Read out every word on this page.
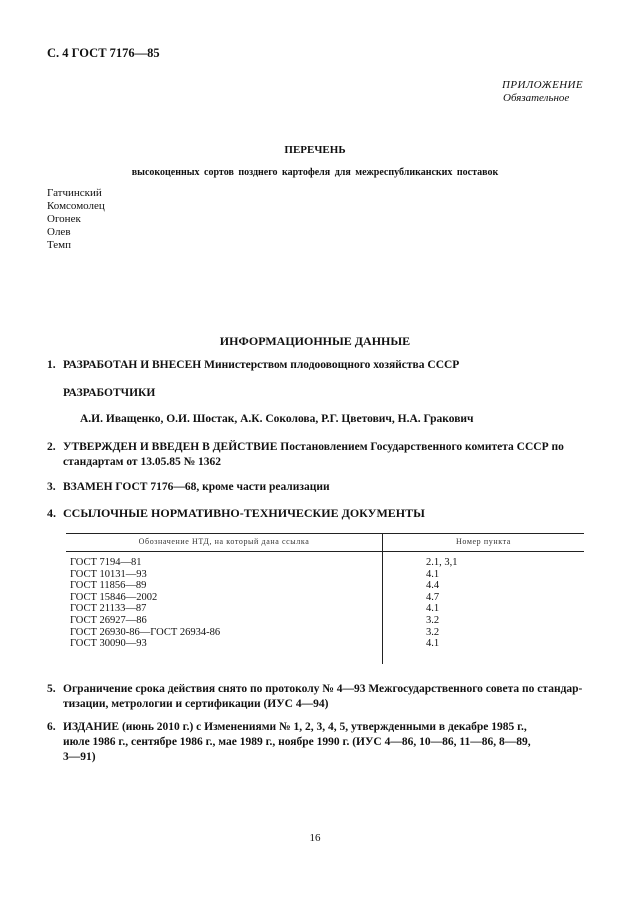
С. 4 ГОСТ 7176—85
ПРИЛОЖЕНИЕ
Обязательное
ПЕРЕЧЕНЬ
высокоценных сортов позднего картофеля для межреспубликанских поставок
Гатчинский
Комсомолец
Огонек
Олев
Темп
ИНФОРМАЦИОННЫЕ ДАННЫЕ
1. РАЗРАБОТАН И ВНЕСЕН Министерством плодоовощного хозяйства СССР
РАЗРАБОТЧИКИ
А.И. Иващенко, О.И. Шостак, А.К. Соколова, Р.Г. Цветович, Н.А. Гракович
2. УТВЕРЖДЕН И ВВЕДЕН В ДЕЙСТВИЕ Постановлением Государственного комитета СССР по
стандартам от 13.05.85 № 1362
3. ВЗАМЕН ГОСТ 7176—68, кроме части реализации
4. ССЫЛОЧНЫЕ НОРМАТИВНО-ТЕХНИЧЕСКИЕ ДОКУМЕНТЫ
Обозначение НТД, на который дана ссылка	Номер пункта
ГОСТ 7194—81
ГОСТ 10131—93
ГОСТ 11856—89
ГОСТ 15846—2002
ГОСТ 21133—87
ГОСТ 26927—86
ГОСТ 26930-86—ГОСТ 26934-86
ГОСТ 30090—93
2.1, 3,1
4.1
4.4
4.7
4.1
3.2
3.2
4.1
5. Ограничение срока действия снято по протоколу № 4—93 Межгосударственного совета по стандар-
тизации, метрологии и сертификации (ИУС 4—94)
6. ИЗДАНИЕ (июнь 2010 г.) с Изменениями № 1, 2, 3, 4, 5, утвержденными в декабре 1985 г.,
июле 1986 г., сентябре 1986 г., мае 1989 г., ноябре 1990 г. (ИУС 4—86, 10—86, 11—86, 8—89,
3—91)
16
